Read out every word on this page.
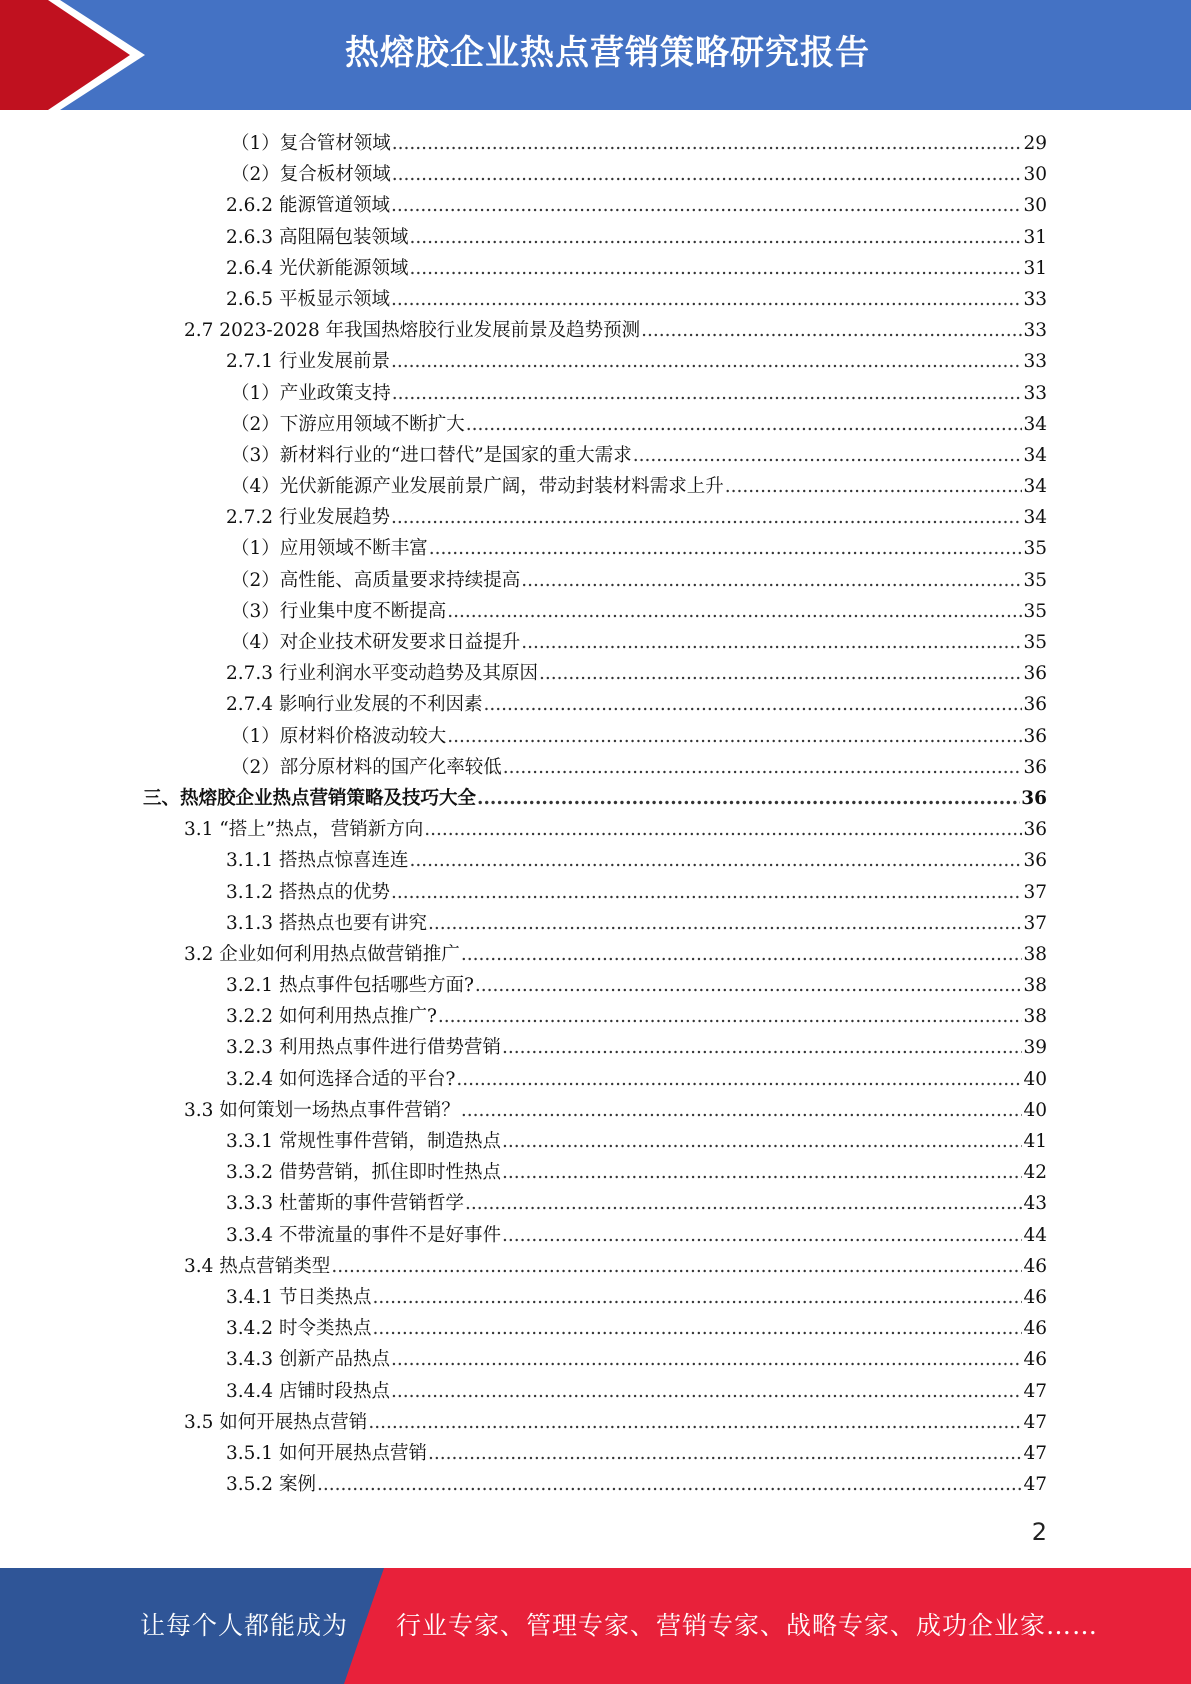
热熔胶企业热点营销策略研究报告
（1）复合管材领域 .....	29
（2）复合板材领域 .....	30
2.6.2 能源管道领域 .....	30
2.6.3 高阻隔包装领域 .....	31
2.6.4 光伏新能源领域 .....	31
2.6.5 平板显示领域 .....	33
2.7 2023-2028 年我国热熔胶行业发展前景及趋势预测 .....	33
2.7.1 行业发展前景 .....	33
（1）产业政策支持 .....	33
（2）下游应用领域不断扩大 .....	34
（3）新材料行业的“进口替代”是国家的重大需求 .....	34
（4）光伏新能源产业发展前景广阔，带动封装材料需求上升 .....	34
2.7.2 行业发展趋势 .....	34
（1）应用领域不断丰富 .....	35
（2）高性能、高质量要求持续提高 .....	35
（3）行业集中度不断提高 .....	35
（4）对企业技术研发要求日益提升 .....	35
2.7.3 行业利润水平变动趋势及其原因 .....	36
2.7.4 影响行业发展的不利因素 .....	36
（1）原材料价格波动较大 .....	36
（2）部分原材料的国产化率较低 .....	36
三、热熔胶企业热点营销策略及技巧大全 .....	36
3.1 “搭上”热点，营销新方向 .....	36
3.1.1 搭热点惊喜连连 .....	36
3.1.2 搭热点的优势 .....	37
3.1.3 搭热点也要有讲究 .....	37
3.2 企业如何利用热点做营销推广 .....	38
3.2.1 热点事件包括哪些方面? .....	38
3.2.2 如何利用热点推广? .....	38
3.2.3 利用热点事件进行借势营销 .....	39
3.2.4 如何选择合适的平台? .....	40
3.3 如何策划一场热点事件营销？ .....	40
3.3.1 常规性事件营销，制造热点 .....	41
3.3.2 借势营销，抓住即时性热点 .....	42
3.3.3 杜蕾斯的事件营销哲学 .....	43
3.3.4 不带流量的事件不是好事件 .....	44
3.4 热点营销类型 .....	46
3.4.1 节日类热点 .....	46
3.4.2 时令类热点 .....	46
3.4.3 创新产品热点 .....	46
3.4.4 店铺时段热点 .....	47
3.5 如何开展热点营销 .....	47
3.5.1 如何开展热点营销 .....	47
3.5.2 案例 .....	47
2
让每个人都能成为 行业专家、管理专家、营销专家、战略专家、成功企业家……
